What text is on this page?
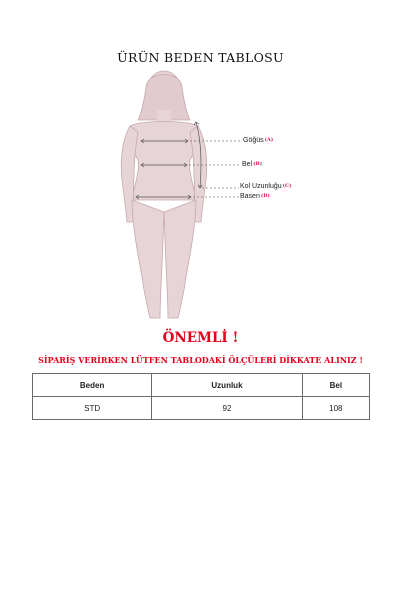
ÜRÜN BEDEN TABLOSU
Göğüs$^{(A)}$
Bel$^{(B)}$
Kol Uzunluğu$^{(C)}$
Basen$^{(D)}$
ÖNEMLİ !
SİPARİŞ VERİRKEN LÜTFEN TABLODAKİ ÖLÇÜLERİ DİKKATE ALINIZ !
Beden	Uzunluk	Bel
STD	92	108
